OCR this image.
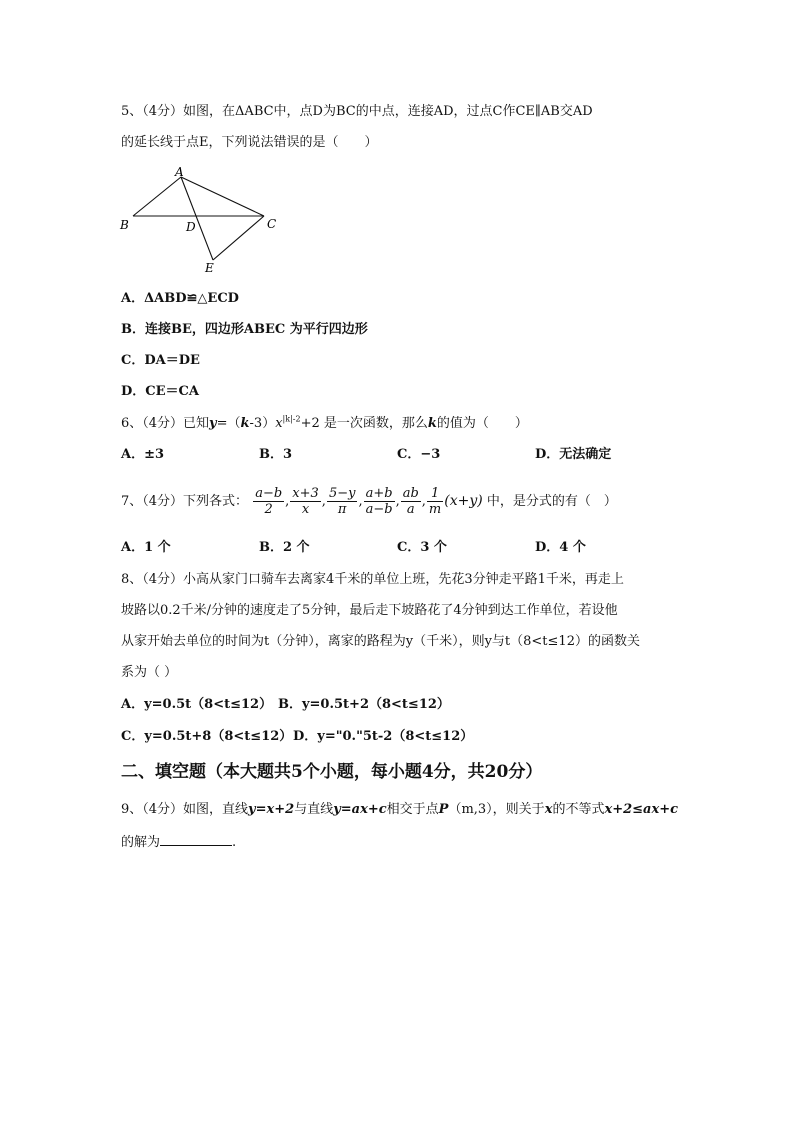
5、（4分）如图，在ΔABC中，点D为BC的中点，连接AD，过点C作CE∥AB交AD
的延长线于点E，下列说法错误的是（　　）
A
B	C
D
E
A．ΔABD≌△ECD
B．连接BE，四边形ABEC 为平行四边形
C．DA＝DE
D．CE＝CA
6、（4分）已知$y=(k-3)x^{|k|-2}+2$ 是一次函数，那么k的值为（　　）
A．±3	B．3	C．−3	D．无法确定
7、（4分）下列各式： $\frac{a-b}{2}$ , $\frac{x+3}{x}$ , $\frac{5-y}{\pi}$ , $\frac{a+b}{a-b}$ , $\frac{ab}{a}$ , $\frac{1}{m} (x+y)$ 中，是分式的有（　）
A．1 个	B．2 个	C．3 个	D．4 个
8、（4分）小高从家门口骑车去离家4千米的单位上班，先花3分钟走平路1千米，再走上
坡路以0.2千米/分钟的速度走了5分钟，最后走下坡路花了4分钟到达工作单位，若设他
从家开始去单位的时间为t（分钟），离家的路程为y（千米），则y与t（8<t≤12）的函数关
系为（ ）
A．y=0.5t（8<t≤12） B．y=0.5t+2（8<t≤12）
C．y=0.5t+8（8<t≤12） D．y="0."5t-2（8<t≤12）
二、填空题（本大题共5个小题，每小题4分，共20分）
9、（4分）如图，直线y=x+2与直线y=ax+c相交于点P（m,3），则关于x的不等式x+2≤ax+c
的解为	.
